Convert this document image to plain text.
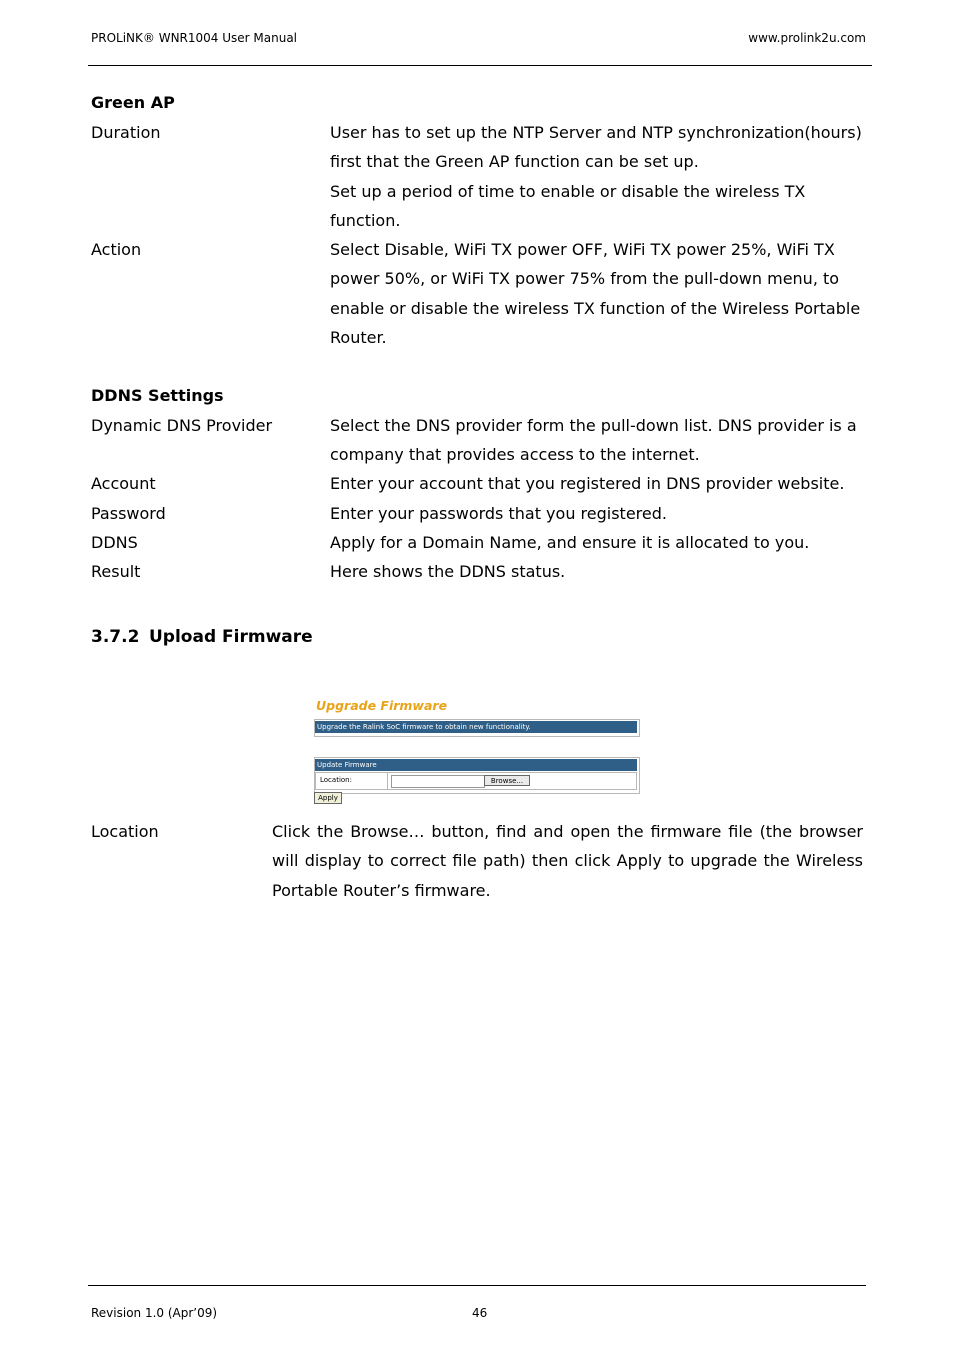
PROLiNK® WNR1004 User Manual	www.prolink2u.com
Green AP
Duration	User has to set up the NTP Server and NTP synchronization(hours) first that the Green AP function can be set up.
Set up a period of time to enable or disable the wireless TX function.
Action	Select Disable, WiFi TX power OFF, WiFi TX power 25%, WiFi TX power 50%, or WiFi TX power 75% from the pull-down menu, to enable or disable the wireless TX function of the Wireless Portable Router.
DDNS Settings
Dynamic DNS Provider	Select the DNS provider form the pull-down list. DNS provider is a company that provides access to the internet.
Account	Enter your account that you registered in DNS provider website.
Password	Enter your passwords that you registered.
DDNS	Apply for a Domain Name, and ensure it is allocated to you.
Result	Here shows the DDNS status.
3.7.2 Upload Firmware
Upgrade Firmware
Upgrade the Ralink SoC firmware to obtain new functionality.
Update Firmware
Location:	Browse...
Apply
Location	Click the Browse… button, find and open the firmware file (the browser will display to correct file path) then click Apply to upgrade the Wireless Portable Router’s firmware.
Revision 1.0 (Apr’09)	46
